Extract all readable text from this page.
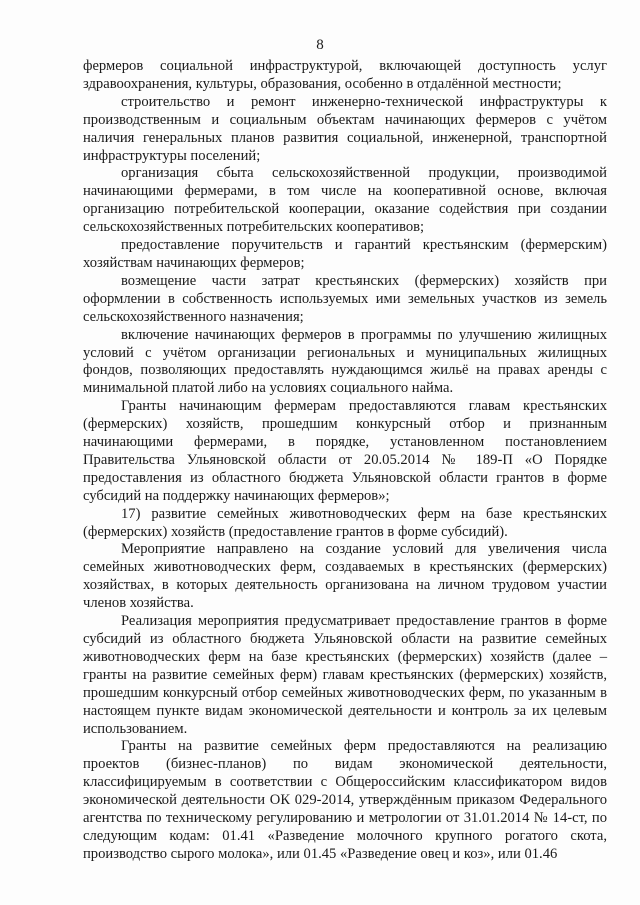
8

фермеров социальной инфраструктурой, включающей доступность услуг здравоохранения, культуры, образования, особенно в отдалённой местности;

строительство и ремонт инженерно-технической инфраструктуры к производственным и социальным объектам начинающих фермеров с учётом наличия генеральных планов развития социальной, инженерной, транспортной инфраструктуры поселений;

организация сбыта сельскохозяйственной продукции, производимой начинающими фермерами, в том числе на кооперативной основе, включая организацию потребительской кооперации, оказание содействия при создании сельскохозяйственных потребительских кооперативов;

предоставление поручительств и гарантий крестьянским (фермерским) хозяйствам начинающих фермеров;

возмещение части затрат крестьянских (фермерских) хозяйств при оформлении в собственность используемых ими земельных участков из земель сельскохозяйственного назначения;

включение начинающих фермеров в программы по улучшению жилищных условий с учётом организации региональных и муниципальных жилищных фондов, позволяющих предоставлять нуждающимся жильё на правах аренды с минимальной платой либо на условиях социального найма.

Гранты начинающим фермерам предоставляются главам крестьянских (фермерских) хозяйств, прошедшим конкурсный отбор и признанным начинающими фермерами, в порядке, установленном постановлением Правительства Ульяновской области от 20.05.2014 № 189-П «О Порядке предоставления из областного бюджета Ульяновской области грантов в форме субсидий на поддержку начинающих фермеров»;

17) развитие семейных животноводческих ферм на базе крестьянских (фермерских) хозяйств (предоставление грантов в форме субсидий).

Мероприятие направлено на создание условий для увеличения числа семейных животноводческих ферм, создаваемых в крестьянских (фермерских) хозяйствах, в которых деятельность организована на личном трудовом участии членов хозяйства.

Реализация мероприятия предусматривает предоставление грантов в форме субсидий из областного бюджета Ульяновской области на развитие семейных животноводческих ферм на базе крестьянских (фермерских) хозяйств (далее – гранты на развитие семейных ферм) главам крестьянских (фермерских) хозяйств, прошедшим конкурсный отбор семейных животноводческих ферм, по указанным в настоящем пункте видам экономической деятельности и контроль за их целевым использованием.

Гранты на развитие семейных ферм предоставляются на реализацию проектов (бизнес-планов) по видам экономической деятельности, классифицируемым в соответствии с Общероссийским классификатором видов экономической деятельности ОК 029-2014, утверждённым приказом Федерального агентства по техническому регулированию и метрологии от 31.01.2014 № 14-ст, по следующим кодам: 01.41 «Разведение молочного крупного рогатого скота, производство сырого молока», или 01.45 «Разведение овец и коз», или 01.46
